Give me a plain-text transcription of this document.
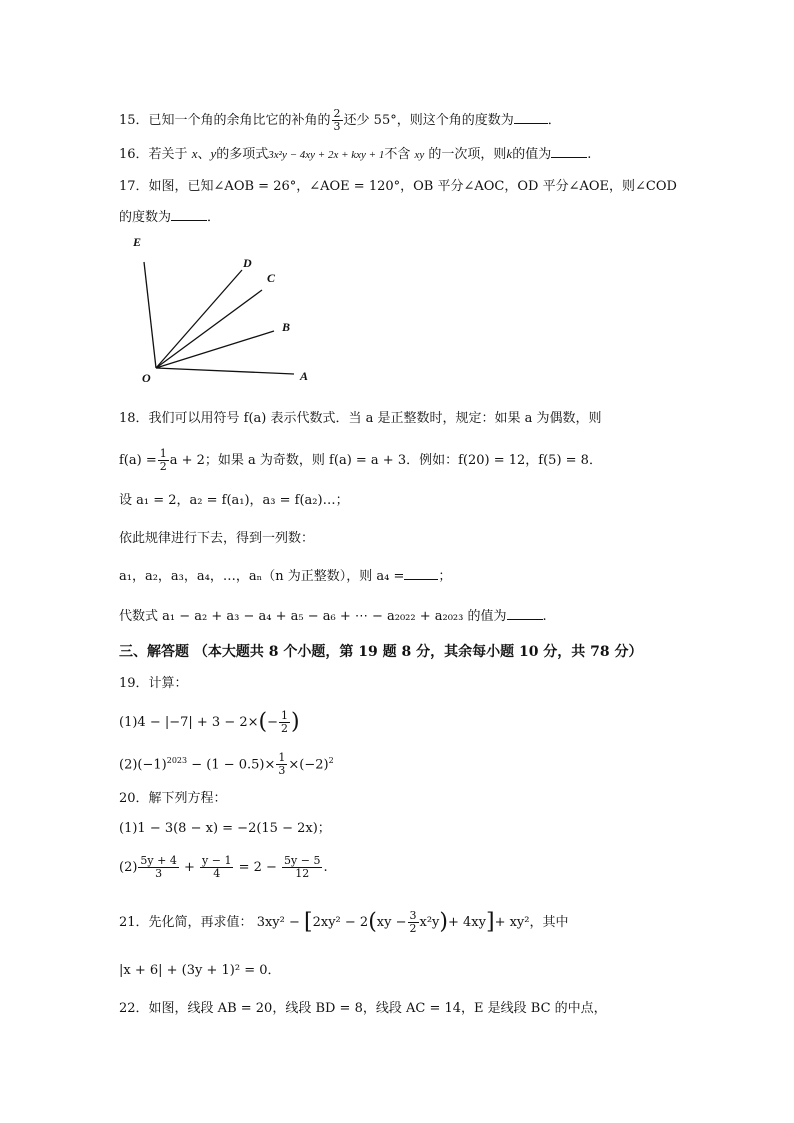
15．已知一个角的余角比它的补角的 $\frac{2}{3}$ 还少 55°，则这个角的度数为	．
16．若关于 x、y的多项式3x²y − 4xy + 2x + kxy + 1不含 xy 的一次项，则k的值为	.
17．如图，已知∠AOB = 26°，∠AOE = 120°，OB 平分∠AOC，OD 平分∠AOE，则∠COD
的度数为	．
E
D
C
B
O	A
18．我们可以用符号 f(a) 表示代数式．当 a 是正整数时，规定：如果 a 为偶数，则
$f(a) = \frac{1}{2}$ a + 2；如果 a 为奇数，则 f(a) = a + 3．例如：f(20) = 12，f(5) = 8．
设 a₁ = 2，a₂ = f(a₁)，a₃ = f(a₂)…；
依此规律进行下去，得到一列数：
a₁，a₂，a₃，a₄，…，aₙ（n 为正整数），则 a₄ =	；
代数式 a₁ − a₂ + a₃ − a₄ + a₅ − a₆ + ⋯ − a₂₀₂₂ + a₂₀₂₃ 的值为	.
三、解答题 （本大题共 8 个小题，第 19 题 8 分，其余每小题 10 分，共 78 分）
19．计算：
$(1)4 - |-7| + 3 - 2\times(- \frac{1}{2}$ )
$(2)(-1)^{2023} - (1 - 0.5)\times \frac{1}{3} \times(-2)^2$
20．解下列方程：
(1)1 − 3(8 − x) = −2(15 − 2x)；
$(2) \frac{5y + 4}{3} + \frac{y - 1}{4} = 2 - \frac{5y - 5}{12}$ .
21．先化简，再求值： $3xy^2 - [2xy^2 - 2(xy - \frac{3}{2} x^2y)+ 4xy]+ xy^2$，其中
|x + 6| + (3y + 1)² = 0．
22．如图，线段 AB = 20，线段 BD = 8，线段 AC = 14，E 是线段 BC 的中点，
